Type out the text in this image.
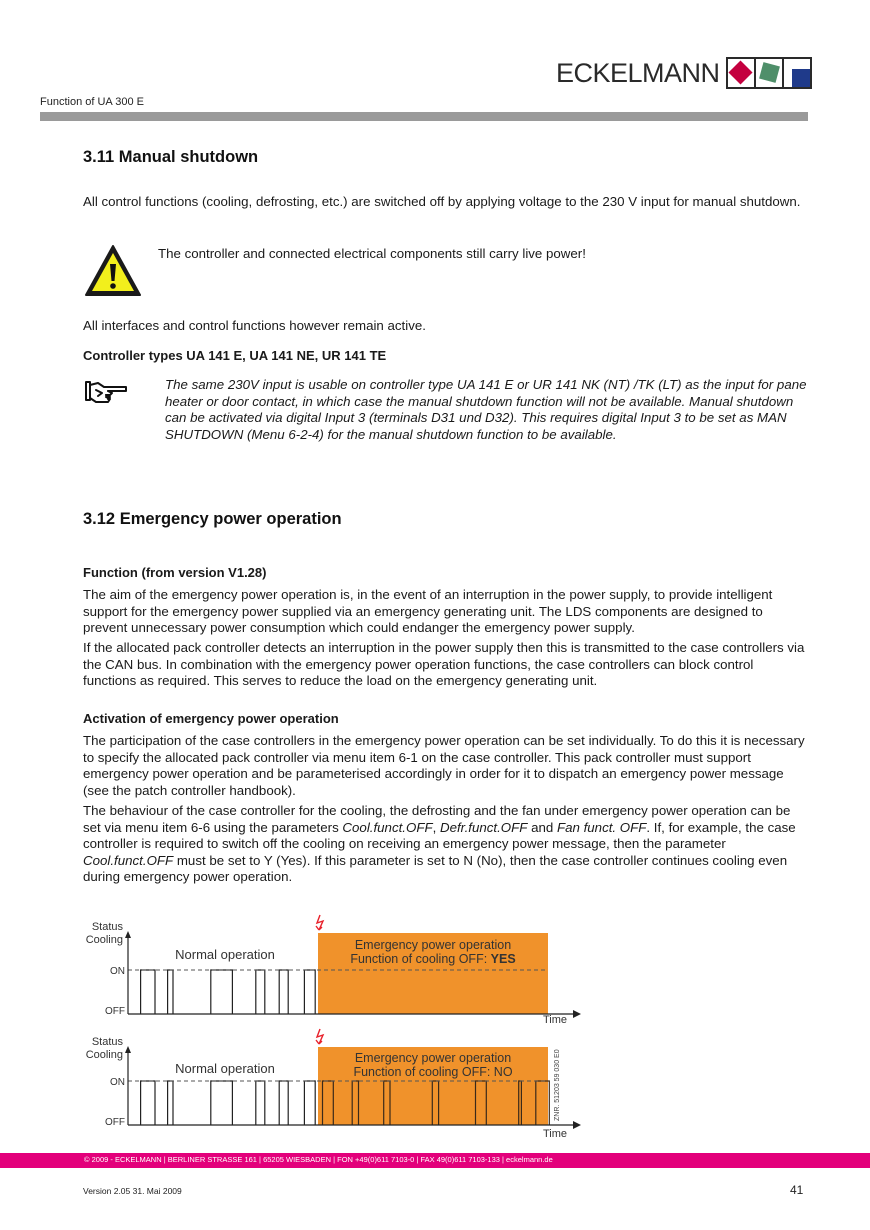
ECKELMANN
Function of UA 300 E
3.11 Manual shutdown

All control functions (cooling, defrosting, etc.) are switched off by applying voltage to the 230 V input for manual shutdown.

The controller and connected electrical components still carry live power!

All interfaces and control functions however remain active.

Controller types UA 141 E, UA 141 NE, UR 141 TE

The same 230V input is usable on controller type UA 141 E or UR 141 NK (NT) /TK (LT) as the input for pane heater or door contact, in which case the manual shutdown function will not be available. Manual shutdown can be activated via digital Input 3 (terminals D31 und D32). This requires digital Input 3 to be set as MAN SHUTDOWN (Menu 6-2-4) for the manual shutdown function to be available.

3.12 Emergency power operation

Function (from version V1.28)

The aim of the emergency power operation is, in the event of an interruption in the power supply, to provide intelligent support for the emergency power supplied via an emergency generating unit. The LDS components are designed to prevent unnecessary power consumption which could endanger the emergency power supply.

If the allocated pack controller detects an interruption in the power supply then this is transmitted to the case controllers via the CAN bus. In combination with the emergency power operation functions, the case controllers can block control functions as required. This serves to reduce the load on the emergency generating unit.

Activation of emergency power operation

The participation of the case controllers in the emergency power operation can be set individually. To do this it is necessary to specify the allocated pack controller via menu item 6-1 on the case controller. This pack controller must support emergency power operation and be parameterised accordingly in order for it to dispatch an emergency power message (see the patch controller handbook).

The behaviour of the case controller for the cooling, the defrosting and the fan under emergency power operation can be set via menu item 6-6 using the parameters Cool.funct.OFF, Defr.funct.OFF and Fan funct. OFF. If, for example, the case controller is required to switch off the cooling on receiving an emergency power message, then the parameter Cool.funct.OFF must be set to Y (Yes). If this parameter is set to N (No), then the case controller continues cooling even during emergency power operation.

Status
Cooling
ON
OFF
Normal operation
Emergency power operation
Function of cooling OFF: YES
Time
Status
Cooling
ON
OFF
Normal operation
Emergency power operation
Function of cooling OFF: NO	ZNR. 51203 59 030 E0
Time
© 2009 - ECKELMANN | BERLINER STRASSE 161 | 65205 WIESBADEN | FON +49(0)611 7103-0 | FAX 49(0)611 7103-133 | eckelmann.de
Version 2.05 31. Mai 2009	41
